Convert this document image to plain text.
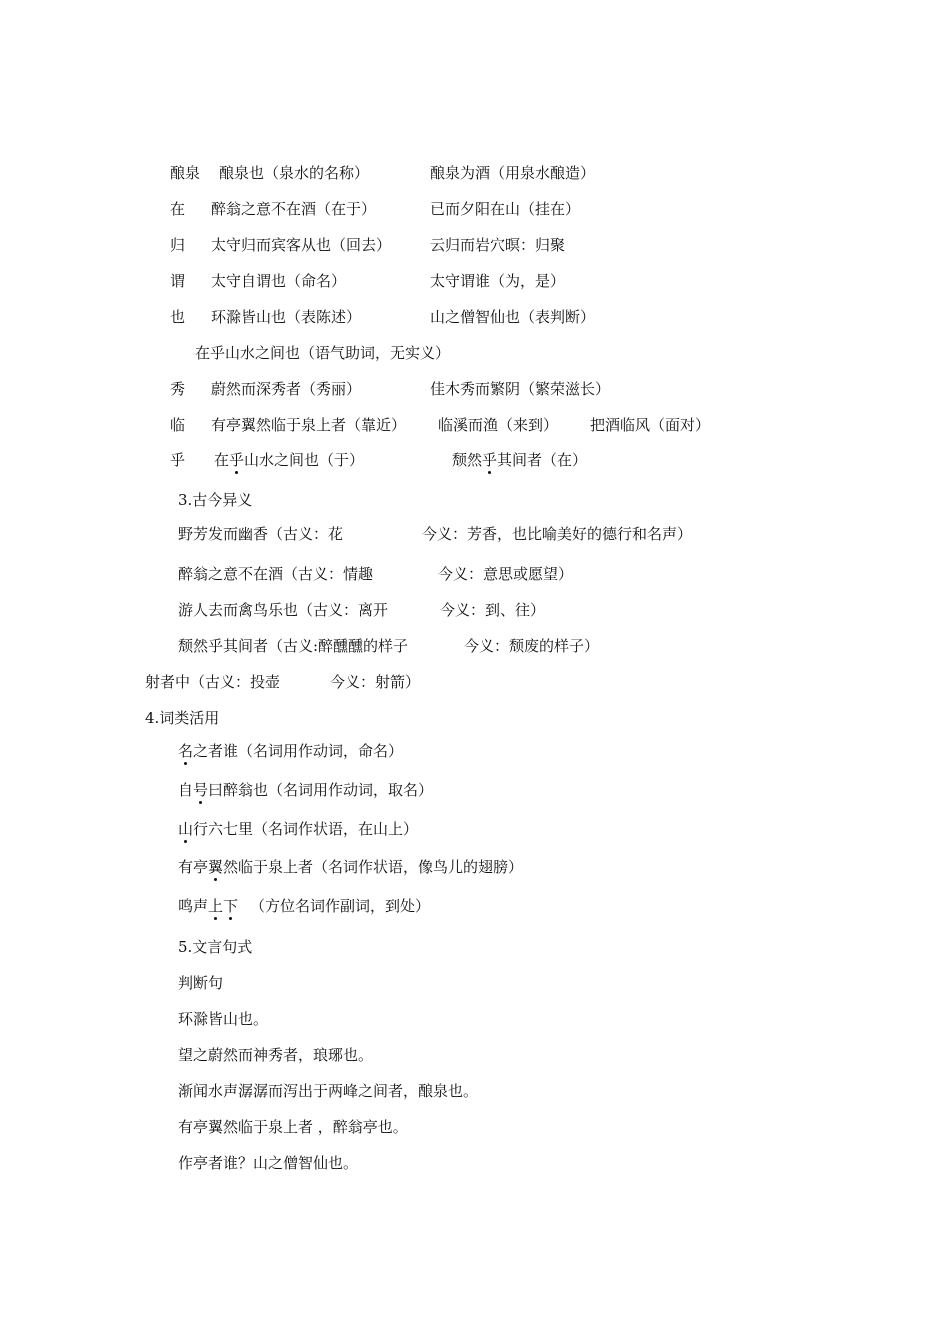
酿泉 酿泉也（泉水的名称）	酿泉为酒（用泉水酿造）
在 醉翁之意不在酒（在于）	已而夕阳在山（挂在）
归 太守归而宾客从也（回去）	云归而岩穴暝：归聚
谓 太守自谓也（命名）	太守谓谁（为，是）
也 环滁皆山也（表陈述）	山之僧智仙也（表判断）
在乎山水之间也（语气助词，无实义）
秀 蔚然而深秀者（秀丽）	佳木秀而繁阴（繁荣滋长）
临 有亭翼然临于泉上者（靠近） 临溪而渔（来到） 把酒临风（面对）
乎 在乎山水之间也（于）	颓然乎其间者（在）
3.古今异义
野芳发而幽香（古义：花	今义：芳香，也比喻美好的德行和名声）
醉翁之意不在酒（古义：情趣	今义：意思或愿望）
游人去而禽鸟乐也（古义：离开	今义：到、往）
颓然乎其间者（古义:醉醺醺的样子	今义：颓废的样子）
射者中（古义：投壶	今义：射箭）
4.词类活用
名之者谁（名词用作动词，命名）
自号曰醉翁也（名词用作动词，取名）
山行六七里（名词作状语，在山上）
有亭翼然临于泉上者（名词作状语，像鸟儿的翅膀）
鸣声上下 （方位名词作副词，到处）
5.文言句式
判断句
环滁皆山也。
望之蔚然而神秀者，琅琊也。
渐闻水声潺潺而泻出于两峰之间者，酿泉也。
有亭翼然临于泉上者 ，醉翁亭也。
作亭者谁？山之僧智仙也。
